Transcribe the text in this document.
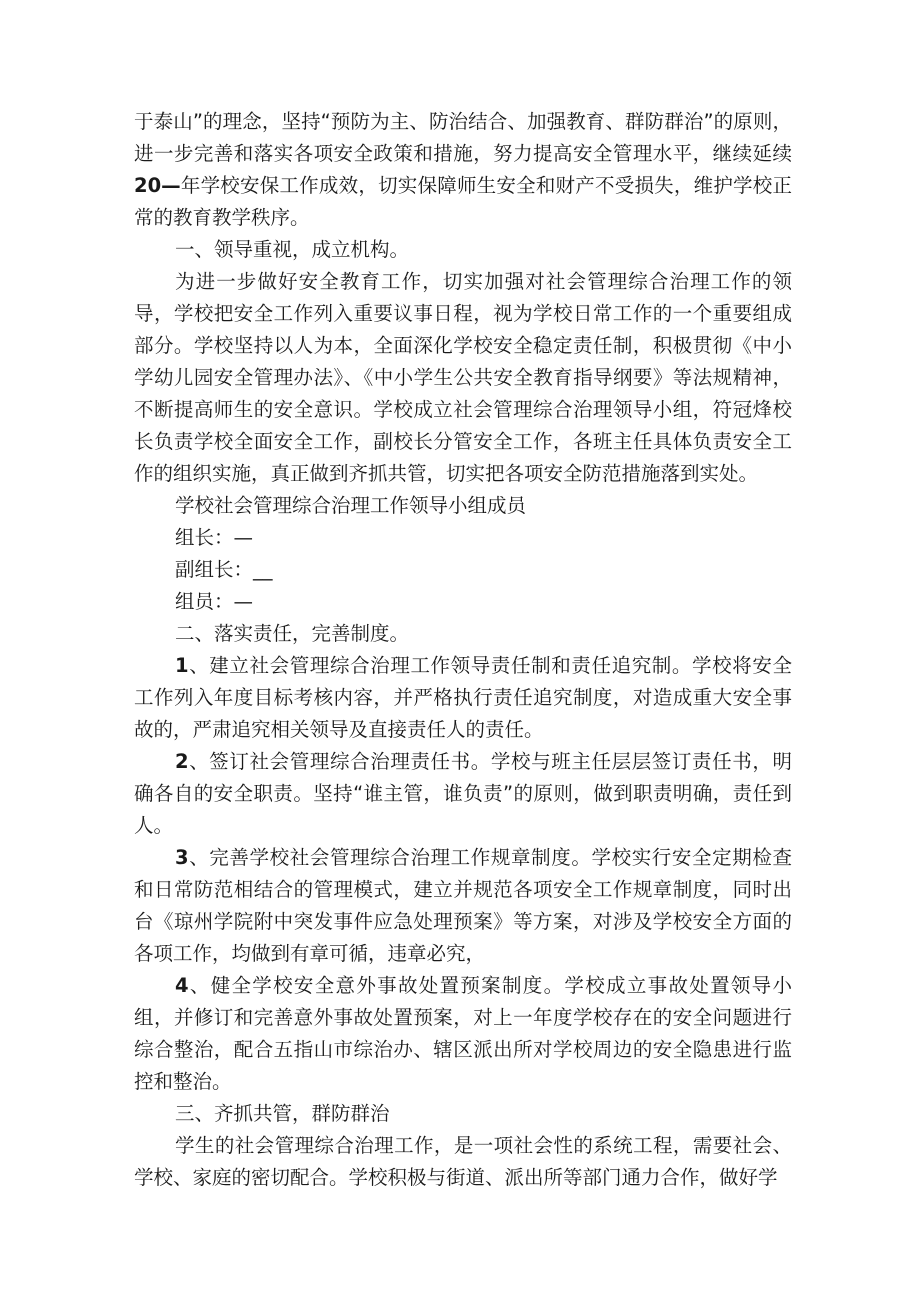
于泰山”的理念，坚持“预防为主、防治结合、加强教育、群防群治”的原则，进一步完善和落实各项安全政策和措施，努力提高安全管理水平，继续延续20—年学校安保工作成效，切实保障师生安全和财产不受损失，维护学校正常的教育教学秩序。

一、领导重视，成立机构。

为进一步做好安全教育工作，切实加强对社会管理综合治理工作的领导，学校把安全工作列入重要议事日程，视为学校日常工作的一个重要组成部分。学校坚持以人为本，全面深化学校安全稳定责任制，积极贯彻《中小学幼儿园安全管理办法》、《中小学生公共安全教育指导纲要》等法规精神，不断提高师生的安全意识。学校成立社会管理综合治理领导小组，符冠烽校长负责学校全面安全工作，副校长分管安全工作，各班主任具体负责安全工作的组织实施，真正做到齐抓共管，切实把各项安全防范措施落到实处。

学校社会管理综合治理工作领导小组成员

组长：—

副组长：__

组员：—

二、落实责任，完善制度。

1、建立社会管理综合治理工作领导责任制和责任追究制。学校将安全工作列入年度目标考核内容，并严格执行责任追究制度，对造成重大安全事故的，严肃追究相关领导及直接责任人的责任。

2、签订社会管理综合治理责任书。学校与班主任层层签订责任书，明确各自的安全职责。坚持“谁主管，谁负责”的原则，做到职责明确，责任到人。

3、完善学校社会管理综合治理工作规章制度。学校实行安全定期检查和日常防范相结合的管理模式，建立并规范各项安全工作规章制度，同时出台《琼州学院附中突发事件应急处理预案》等方案，对涉及学校安全方面的各项工作，均做到有章可循，违章必究，

4、健全学校安全意外事故处置预案制度。学校成立事故处置领导小组，并修订和完善意外事故处置预案，对上一年度学校存在的安全问题进行综合整治，配合五指山市综治办、辖区派出所对学校周边的安全隐患进行监控和整治。

三、齐抓共管，群防群治

学生的社会管理综合治理工作，是一项社会性的系统工程，需要社会、学校、家庭的密切配合。学校积极与街道、派出所等部门通力合作，做好学
